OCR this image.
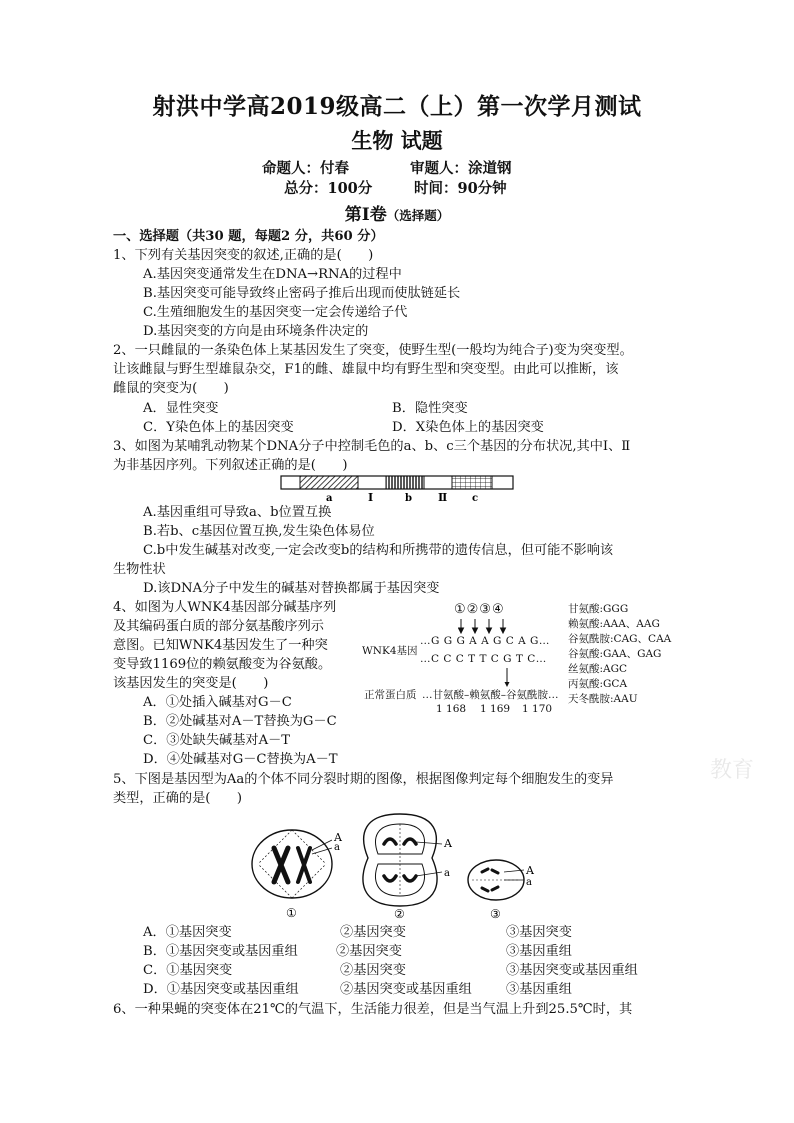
射洪中学高2019级高二（上）第一次学月测试
生物 试题
命题人：付春	审题人：涂道钢
总分：100分	时间：90分钟
第Ⅰ卷（选择题）
一、选择题（共30 题，每题2 分，共60 分）
1、下列有关基因突变的叙述,正确的是(　　)
A.基因突变通常发生在DNA→RNA的过程中
B.基因突变可能导致终止密码子推后出现而使肽链延长
C.生殖细胞发生的基因突变一定会传递给子代
D.基因突变的方向是由环境条件决定的
2、一只雌鼠的一条染色体上某基因发生了突变，使野生型(一般均为纯合子)变为突变型。
让该雌鼠与野生型雄鼠杂交，F1的雌、雄鼠中均有野生型和突变型。由此可以推断，该
雌鼠的突变为(　　)
A．显性突变	B．隐性突变
C．Y染色体上的基因突变	D．X染色体上的基因突变
3、如图为某哺乳动物某个DNA分子中控制毛色的a、b、c三个基因的分布状况,其中Ⅰ、Ⅱ
为非基因序列。下列叙述正确的是(　　)
a	Ⅰ	b Ⅱ c
A.基因重组可导致a、b位置互换
B.若b、c基因位置互换,发生染色体易位
C.b中发生碱基对改变,一定会改变b的结构和所携带的遗传信息，但可能不影响该
生物性状
D.该DNA分子中发生的碱基对替换都属于基因突变
4、如图为人WNK4基因部分碱基序列
及其编码蛋白质的部分氨基酸序列示
意图。已知WNK4基因发生了一种突
变导致1169位的赖氨酸变为谷氨酸。
该基因发生的突变是(　　)
A．①处插入碱基对G－C
B．②处碱基对A－T替换为G－C
C．③处缺失碱基对A－T
D．④处碱基对G－C替换为A－T
①②③④
WNK4基因
…G G G A A G C A G…
…C C C T T C G T C…
正常蛋白质 …甘氨酸–赖氨酸–谷氨酰胺…
1 168 1 169 1 170
甘氨酸:GGG
赖氨酸:AAA、AAG
谷氨酰胺:CAG、CAA
谷氨酸:GAA、GAG
丝氨酸:AGC
丙氨酸:GCA
天冬酰胺:AAU
5、下图是基因型为Aa的个体不同分裂时期的图像，根据图像判定每个细胞发生的变异
类型，正确的是(　　)
A
a
①
A
a
②
A
a
③
A．①基因突变	②基因突变	③基因突变
B．①基因突变或基因重组	②基因突变	③基因重组
C．①基因突变	②基因突变	③基因突变或基因重组
D．①基因突变或基因重组	②基因突变或基因重组	③基因重组
6、一种果蝇的突变体在21℃的气温下，生活能力很差，但是当气温上升到25.5℃时，其
教育
